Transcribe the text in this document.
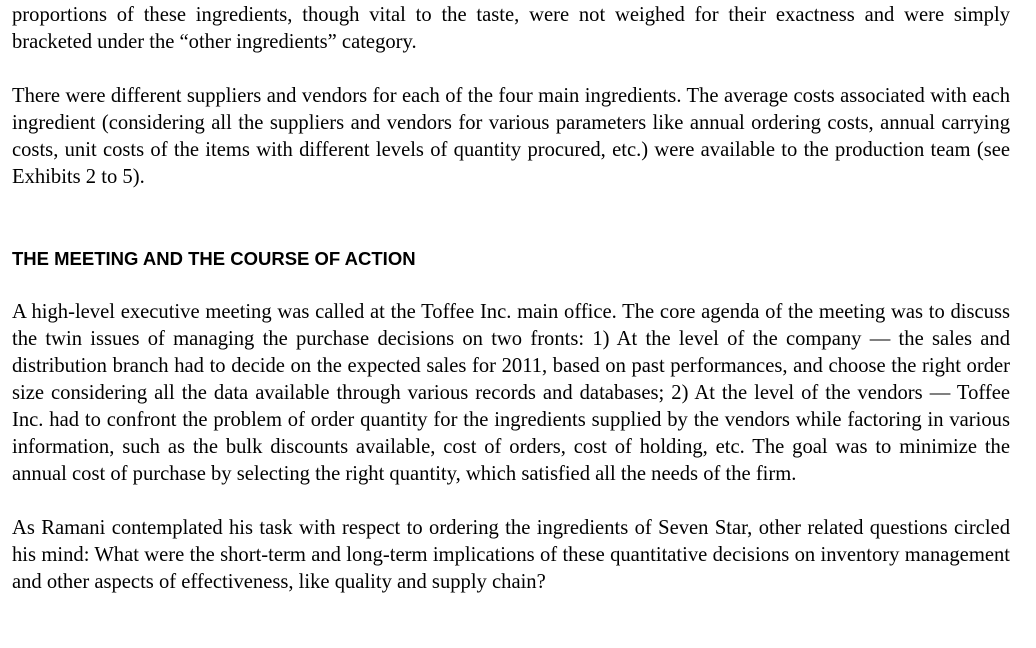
proportions of these ingredients, though vital to the taste, were not weighed for their exactness and were simply bracketed under the “other ingredients” category.

There were different suppliers and vendors for each of the four main ingredients. The average costs associated with each ingredient (considering all the suppliers and vendors for various parameters like annual ordering costs, annual carrying costs, unit costs of the items with different levels of quantity procured, etc.) were available to the production team (see Exhibits 2 to 5).

THE MEETING AND THE COURSE OF ACTION

A high-level executive meeting was called at the Toffee Inc. main office. The core agenda of the meeting was to discuss the twin issues of managing the purchase decisions on two fronts: 1) At the level of the company — the sales and distribution branch had to decide on the expected sales for 2011, based on past performances, and choose the right order size considering all the data available through various records and databases; 2) At the level of the vendors — Toffee Inc. had to confront the problem of order quantity for the ingredients supplied by the vendors while factoring in various information, such as the bulk discounts available, cost of orders, cost of holding, etc. The goal was to minimize the annual cost of purchase by selecting the right quantity, which satisfied all the needs of the firm.

As Ramani contemplated his task with respect to ordering the ingredients of Seven Star, other related questions circled his mind: What were the short-term and long-term implications of these quantitative decisions on inventory management and other aspects of effectiveness, like quality and supply chain?
